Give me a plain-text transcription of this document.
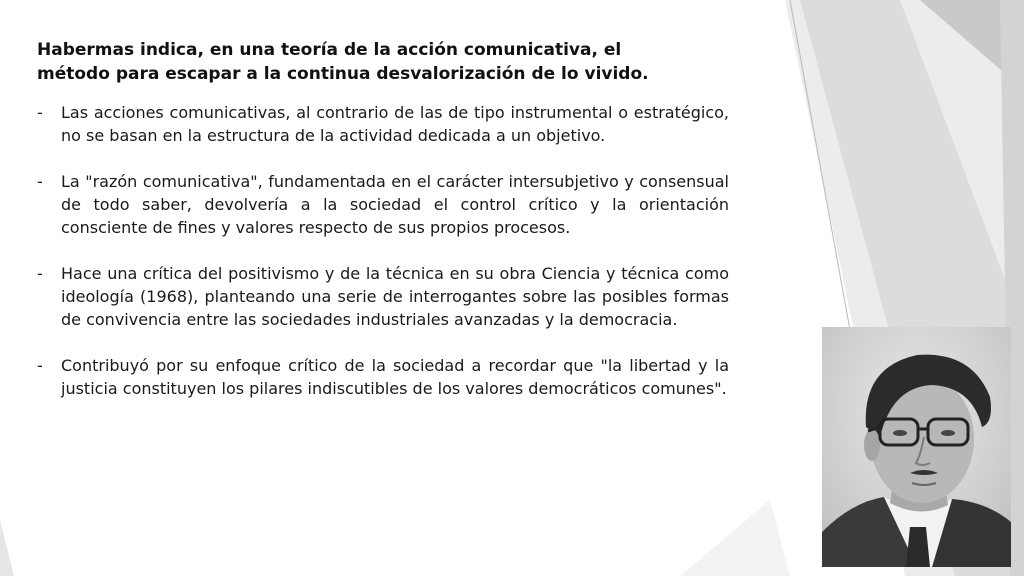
Habermas indica, en una teoría de la acción comunicativa, el
método para escapar a la continua desvalorización de lo vivido.
- Las acciones comunicativas, al contrario de las de tipo instrumental o estratégico, no se basan en la estructura de la actividad dedicada a un objetivo.
- La "razón comunicativa", fundamentada en el carácter intersubjetivo y consensual de todo saber, devolvería a la sociedad el control crítico y la orientación consciente de fines y valores respecto de sus propios procesos.
- Hace una crítica del positivismo y de la técnica en su obra Ciencia y técnica como ideología (1968), planteando una serie de interrogantes sobre las posibles formas de convivencia entre las sociedades industriales avanzadas y la democracia.
- Contribuyó por su enfoque crítico de la sociedad a recordar que "la libertad y la justicia constituyen los pilares indiscutibles de los valores democráticos comunes".
